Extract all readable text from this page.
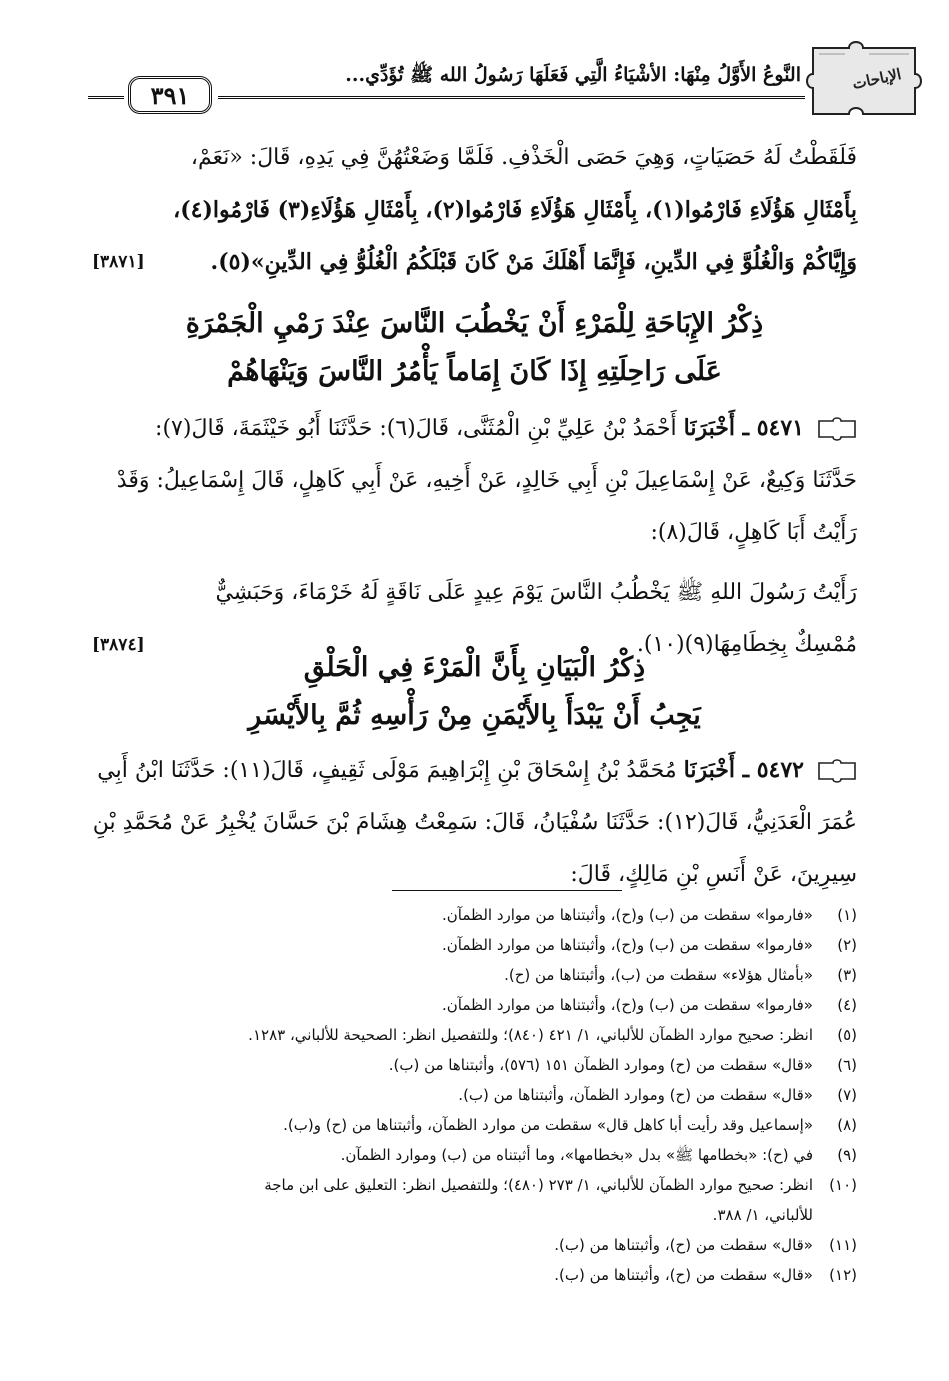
الإباحات
النَّوعُ الأَوَّلُ مِنْهَا: الأشْيَاءُ الَّتِي فَعَلَهَا رَسُولُ الله ﷺ تُؤَدِّي...
٣٩١
فَلَقَطْتُ لَهُ حَصَيَاتٍ، وَهِيَ حَصَى الْخَذْفِ. فَلَمَّا وَضَعْتُهُنَّ فِي يَدِهِ، قَالَ: «نَعَمْ،
بِأَمْثَالِ هَؤُلَاءِ فَارْمُوا(١)، بِأَمْثَالِ هَؤُلَاءِ فَارْمُوا(٢)، بِأَمْثَالِ هَؤُلَاءِ(٣) فَارْمُوا(٤)،
وَإِيَّاكُمْ وَالْغُلُوَّ فِي الدِّينِ، فَإِنَّمَا أَهْلَكَ مَنْ كَانَ قَبْلَكُمُ الْغُلُوُّ فِي الدِّينِ»(٥).
[٣٨٧١]
ذِكْرُ الإِبَاحَةِ لِلْمَرْءِ أَنْ يَخْطُبَ النَّاسَ عِنْدَ رَمْيِ الْجَمْرَةِ
عَلَى رَاحِلَتِهِ إِذَا كَانَ إِمَاماً يَأْمُرُ النَّاسَ وَيَنْهَاهُمْ
٥٤٧١ ـ أَخْبَرَنَا أَحْمَدُ بْنُ عَلِيِّ بْنِ الْمُثَنَّى، قَالَ(٦): حَدَّثَنَا أَبُو خَيْثَمَةَ، قَالَ(٧):
حَدَّثَنَا وَكِيعٌ، عَنْ إِسْمَاعِيلَ بْنِ أَبِي خَالِدٍ، عَنْ أَخِيهِ، عَنْ أَبِي كَاهِلٍ، قَالَ إِسْمَاعِيلُ: وَقَدْ
رَأَيْتُ أَبَا كَاهِلٍ، قَالَ(٨):
رَأَيْتُ رَسُولَ اللهِ ﷺ يَخْطُبُ النَّاسَ يَوْمَ عِيدٍ عَلَى نَاقَةٍ لَهُ خَرْمَاءَ، وَحَبَشِيٌّ
مُمْسِكٌ بِخِطَامِهَا(٩)(١٠).
[٣٨٧٤]
ذِكْرُ الْبَيَانِ بِأَنَّ الْمَرْءَ فِي الْحَلْقِ
يَجِبُ أَنْ يَبْدَأَ بِالأَيْمَنِ مِنْ رَأْسِهِ ثُمَّ بِالأَيْسَرِ
٥٤٧٢ ـ أَخْبَرَنَا مُحَمَّدُ بْنُ إِسْحَاقَ بْنِ إِبْرَاهِيمَ مَوْلَى ثَقِيفٍ، قَالَ(١١): حَدَّثَنَا ابْنُ أَبِي
عُمَرَ الْعَدَنِيُّ، قَالَ(١٢): حَدَّثَنَا سُفْيَانُ، قَالَ: سَمِعْتُ هِشَامَ بْنَ حَسَّانَ يُخْبِرُ عَنْ مُحَمَّدِ بْنِ
سِيرِينَ، عَنْ أَنَسِ بْنِ مَالِكٍ، قَالَ:
(١)«فارموا» سقطت من (ب) و(ح)، وأثبتناها من موارد الظمآن.
(٢)«فارموا» سقطت من (ب) و(ح)، وأثبتناها من موارد الظمآن.
(٣)«بأمثال هؤلاء» سقطت من (ب)، وأثبتناها من (ح).
(٤)«فارموا» سقطت من (ب) و(ح)، وأثبتناها من موارد الظمآن.
(٥)انظر: صحيح موارد الظمآن للألباني، ١/ ٤٢١ (٨٤٠)؛ وللتفصيل انظر: الصحيحة للألباني، ١٢٨٣.
(٦)«قال» سقطت من (ح) وموارد الظمآن ١٥١ (٥٧٦)، وأثبتناها من (ب).
(٧)«قال» سقطت من (ح) وموارد الظمآن، وأثبتناها من (ب).
(٨)«إسماعيل وقد رأيت أبا كاهل قال» سقطت من موارد الظمآن، وأثبتناها من (ح) و(ب).
(٩)في (ح): «بخطامها ﷺ» بدل «بخطامها»، وما أثبتناه من (ب) وموارد الظمآن.
(١٠)انظر: صحيح موارد الظمآن للألباني، ١/ ٢٧٣ (٤٨٠)؛ وللتفصيل انظر: التعليق على ابن ماجة
للألباني، ١/ ٣٨٨.
(١١)«قال» سقطت من (ح)، وأثبتناها من (ب).
(١٢)«قال» سقطت من (ح)، وأثبتناها من (ب).
